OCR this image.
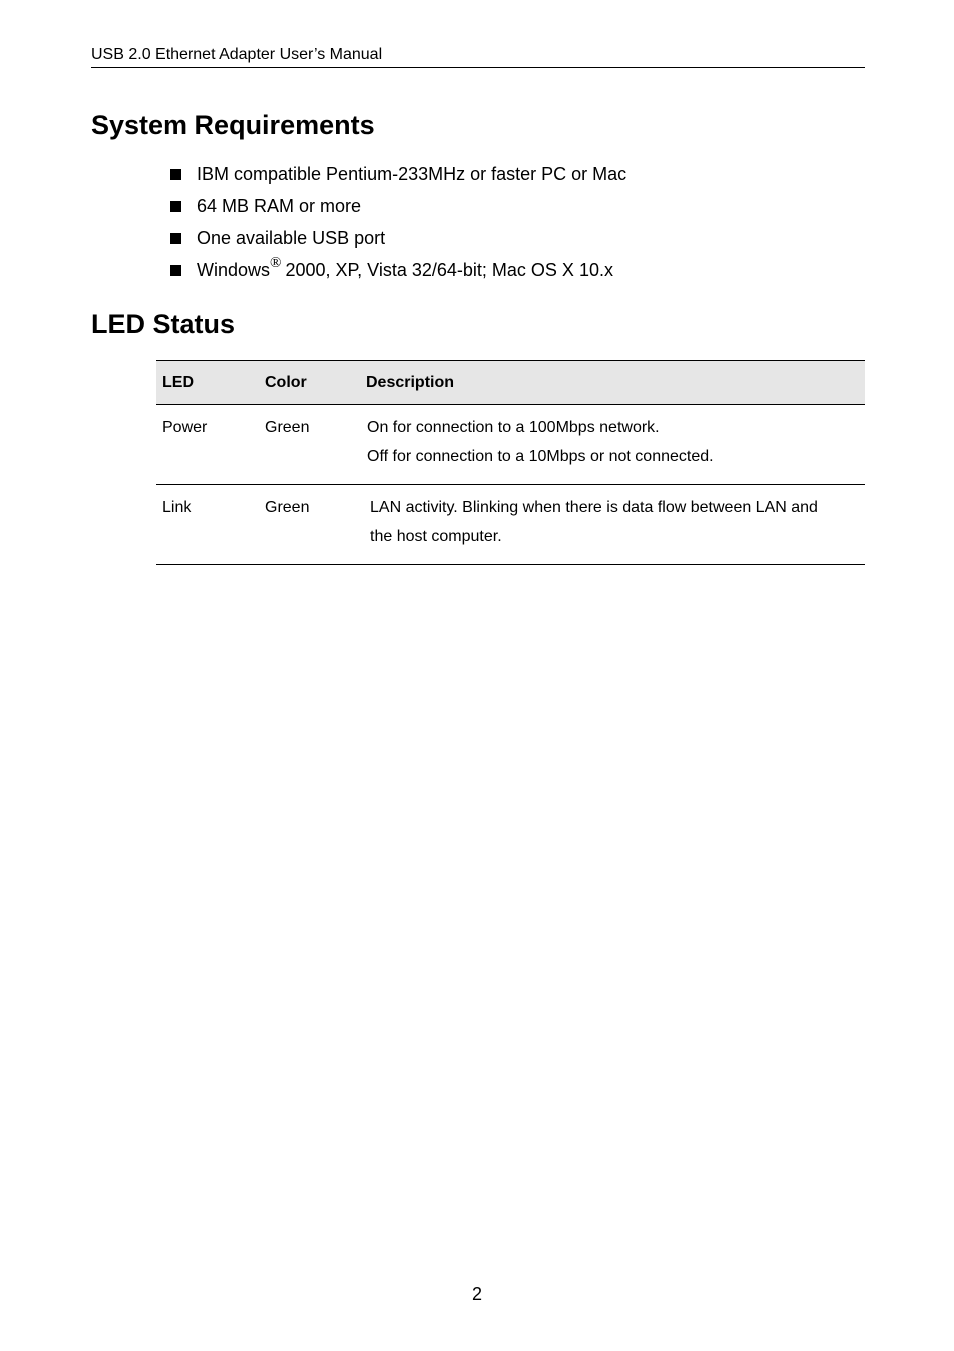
USB 2.0 Ethernet Adapter User’s Manual
System Requirements
IBM compatible Pentium-233MHz or faster PC or Mac
64 MB RAM or more
One available USB port
Windows ® 2000, XP, Vista 32/64-bit; Mac OS X 10.x
LED Status
LED	Color	Description
Power	Green	On for connection to a 100Mbps network.
Off for connection to a 10Mbps or not connected.

Link	Green	LAN activity. Blinking when there is data flow between LAN and
the host computer.
2
